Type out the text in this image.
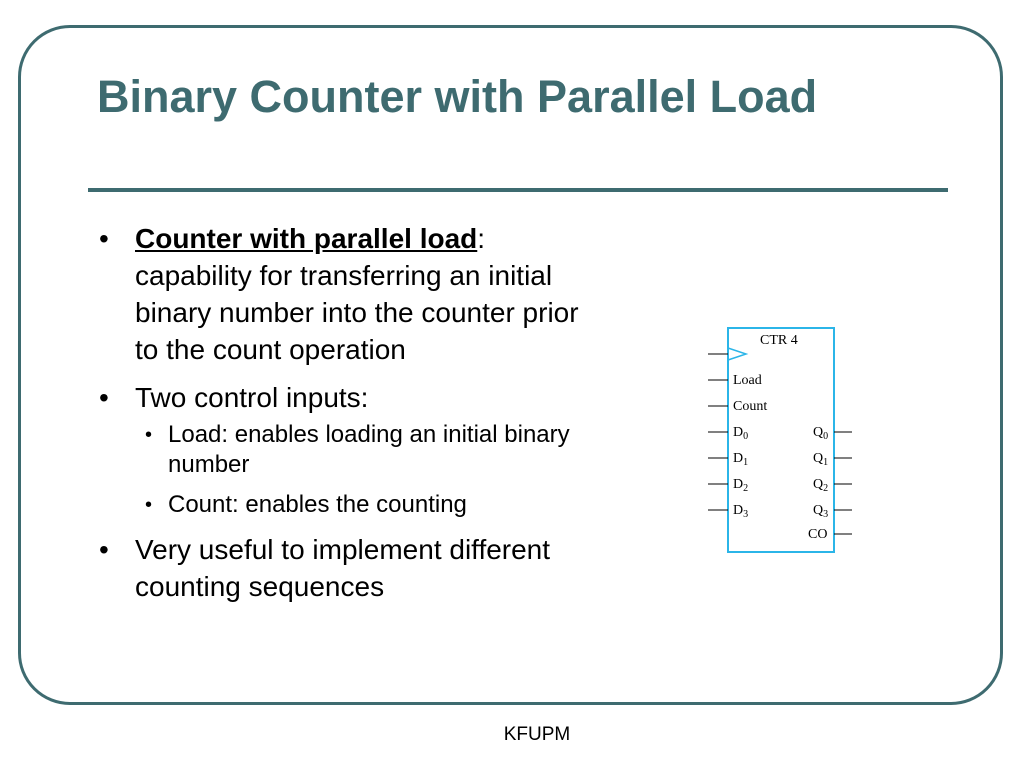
Binary Counter with Parallel Load
• Counter with parallel load:
capability for transferring an initial binary number into the counter prior to the count operation
• Two control inputs:
• Load: enables loading an initial binary number
• Count: enables the counting
• Very useful to implement different counting sequences
CTR 4
Load
Count
$D_0$
$D_1$
$D_2$
$D_3$
$Q_0$
$Q_1$
$Q_2$
$Q_3$
CO
KFUPM
